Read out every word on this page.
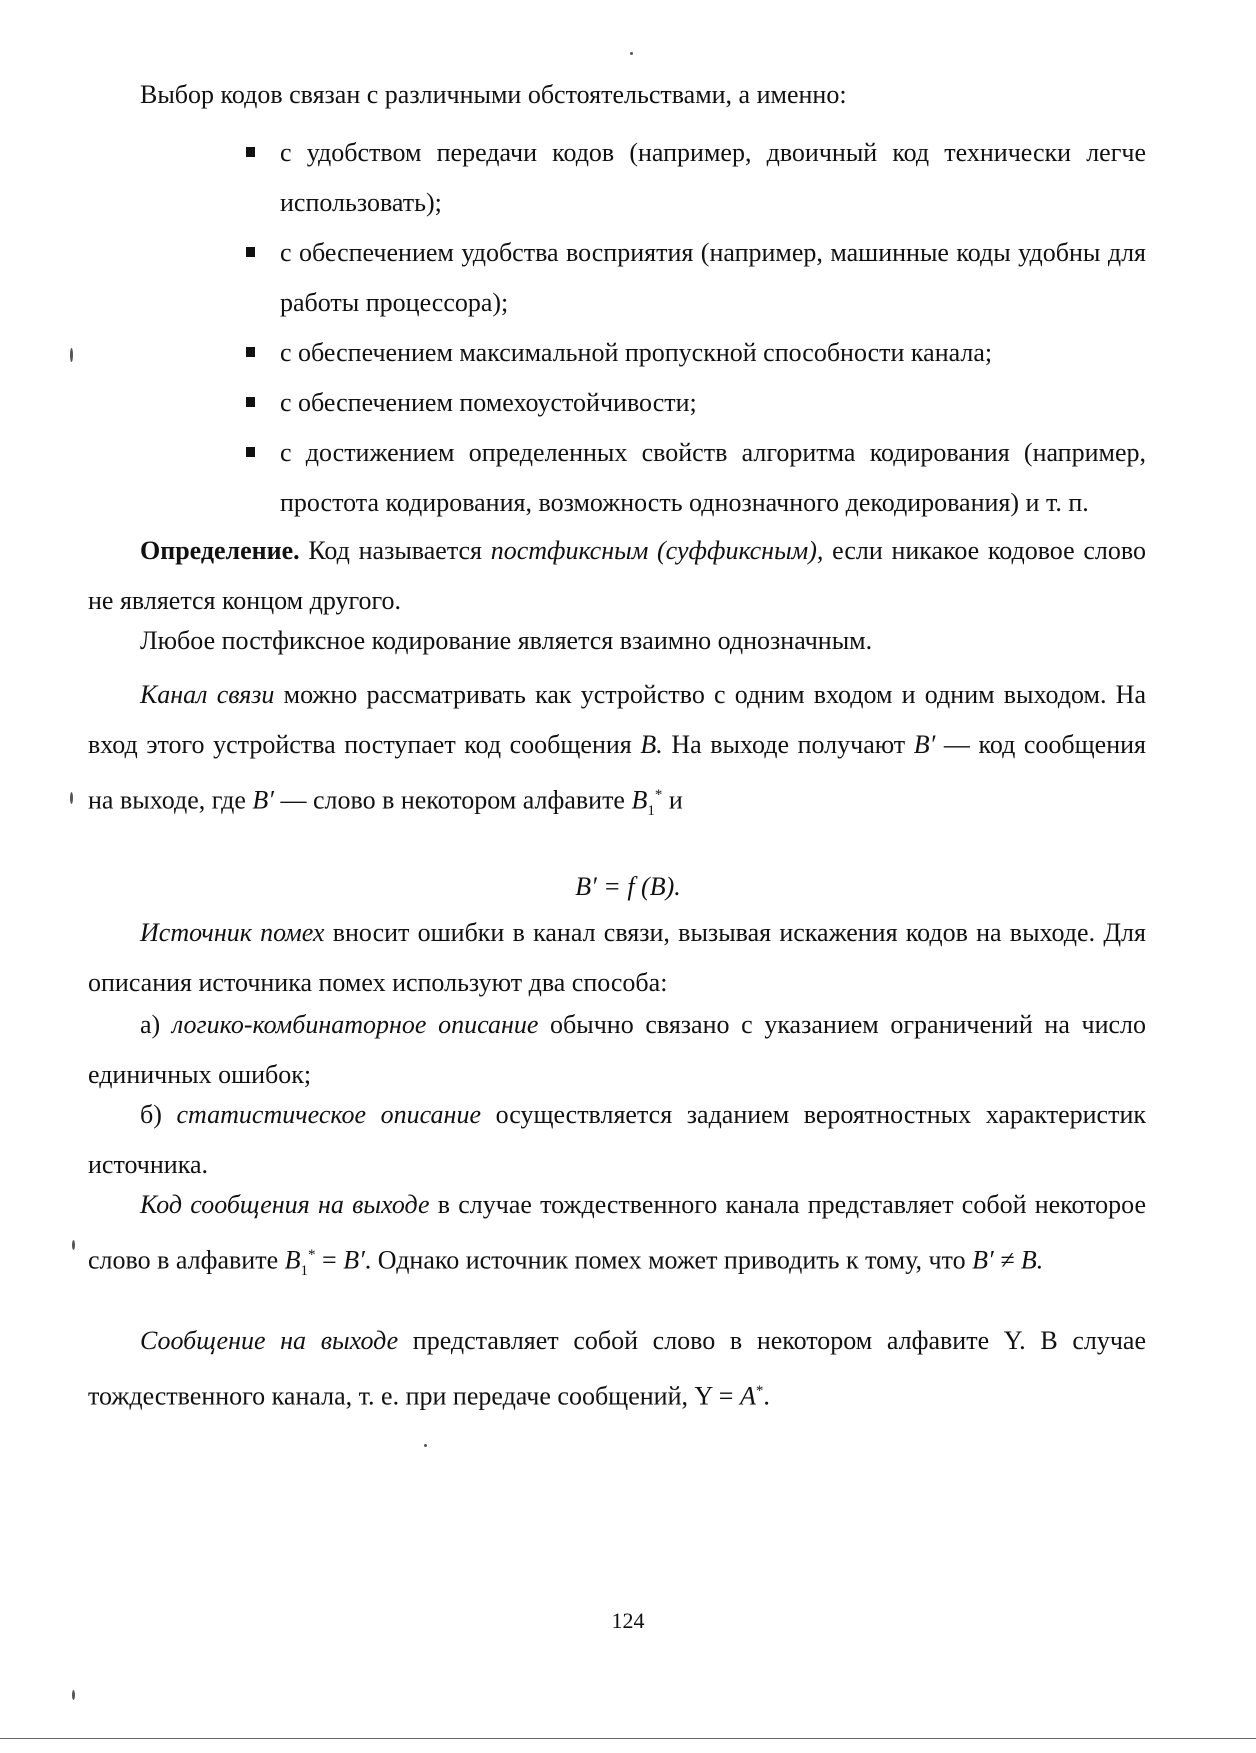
Выбор кодов связан с различными обстоятельствами, а именно:

с удобством передачи кодов (например, двоичный код технически легче использовать);
с обеспечением удобства восприятия (например, машинные коды удобны для работы процессора);
с обеспечением максимальной пропускной способности канала;
с обеспечением помехоустойчивости;
с достижением определенных свойств алгоритма кодирования (например, простота кодирования, возможность однозначного декодирования) и т. п.

Определение. Код называется постфиксным (суффиксным), если никакое кодовое слово не является концом другого.

Любое постфиксное кодирование является взаимно однозначным.

Канал связи можно рассматривать как устройство с одним входом и одним выходом. На вход этого устройства поступает код сообщения B. На выходе получают B′ — код сообщения на выходе, где B′ — слово в некотором алфавите $B_1^*$ и

B′ = f (B).

Источник помех вносит ошибки в канал связи, вызывая искажения кодов на выходе. Для описания источника помех используют два способа:

а) логико-комбинаторное описание обычно связано с указанием ограничений на число единичных ошибок;

б) статистическое описание осуществляется заданием вероятностных характеристик источника.

Код сообщения на выходе в случае тождественного канала представляет собой некоторое слово в алфавите $B_1^* = B'$. Однако источник помех может приводить к тому, что B′ ≠ B.

Сообщение на выходе представляет собой слово в некотором алфавите Y. В случае тождественного канала, т. е. при передаче сообщений, Y = A*.

124
